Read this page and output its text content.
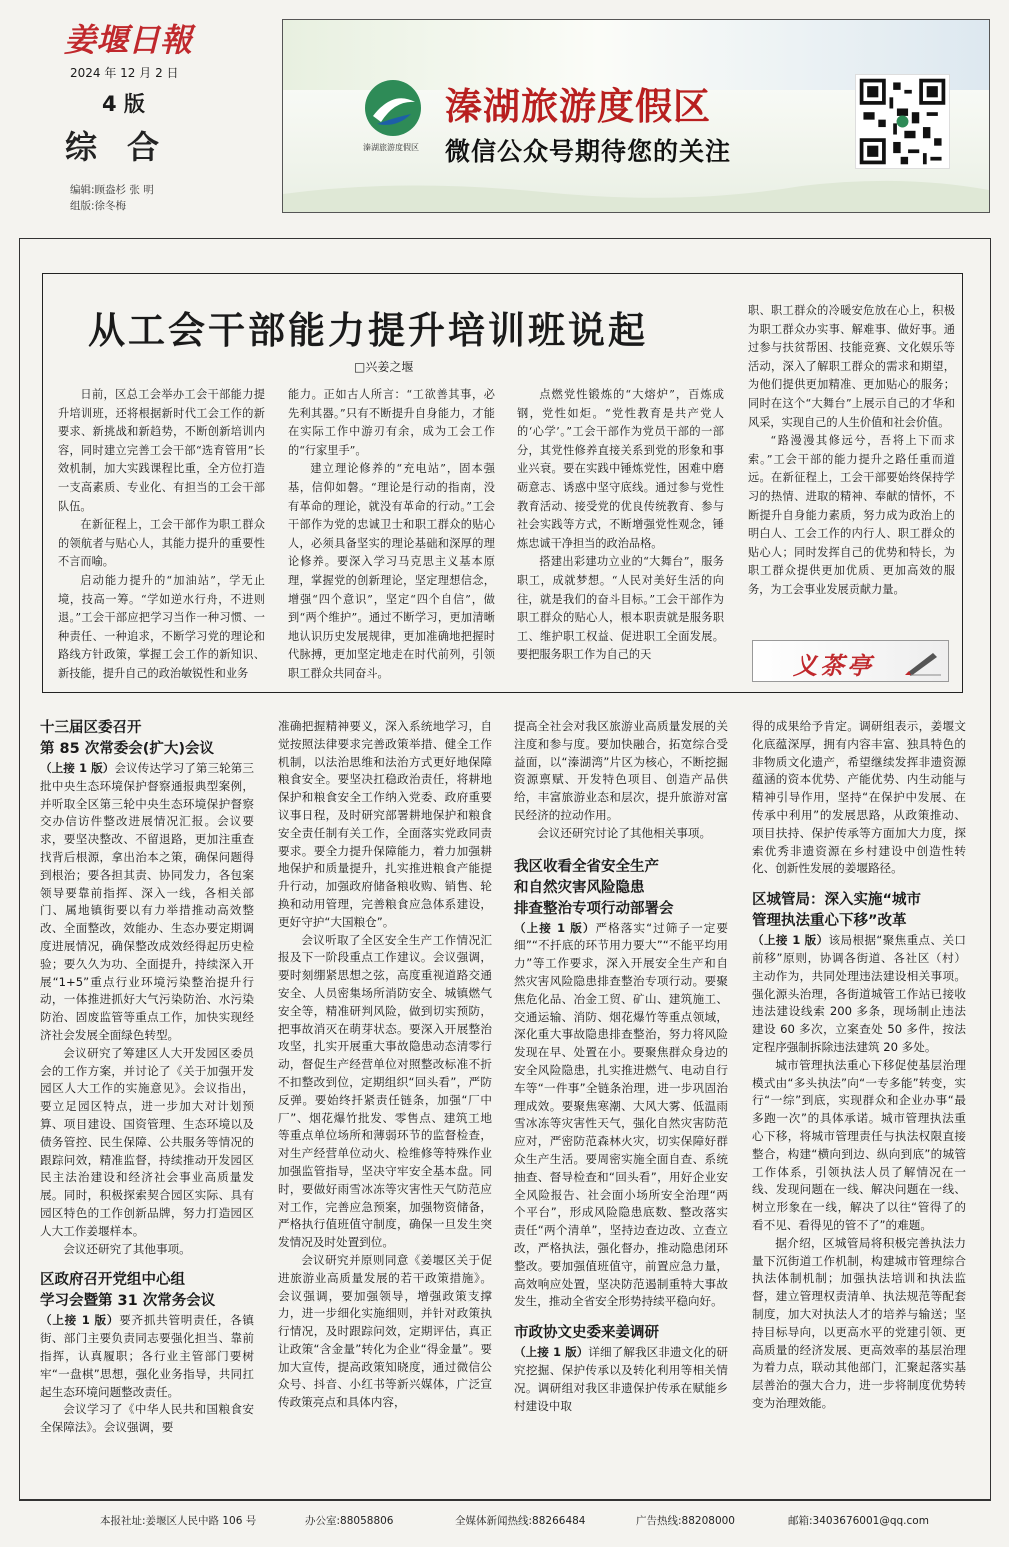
姜堰日報
2024 年 12 月 2 日
4 版
综合
编辑:顾盎杉 张 明
组版:徐冬梅
溱湖旅游度假区
溱湖旅游度假区
微信公众号期待您的关注
从工会干部能力提升培训班说起
□兴姜之堰

日前，区总工会举办工会干部能力提升培训班，还将根据新时代工会工作的新要求、新挑战和新趋势，不断创新培训内容，同时建立完善工会干部“选育管用”长效机制，加大实践课程比重，全方位打造一支高素质、专业化、有担当的工会干部队伍。

在新征程上，工会干部作为职工群众的领航者与贴心人，其能力提升的重要性不言而喻。

启动能力提升的“加油站”，学无止境，技高一筹。“学如逆水行舟，不进则退。”工会干部应把学习当作一种习惯、一种责任、一种追求，不断学习党的理论和路线方针政策，掌握工会工作的新知识、新技能，提升自己的政治敏锐性和业务

能力。正如古人所言：“工欲善其事，必先利其器。”只有不断提升自身能力，才能在实际工作中游刃有余，成为工会工作的“行家里手”。

建立理论修养的“充电站”，固本强基，信仰如磐。“理论是行动的指南，没有革命的理论，就没有革命的行动。”工会干部作为党的忠诚卫士和职工群众的贴心人，必须具备坚实的理论基础和深厚的理论修养。要深入学习马克思主义基本原理，掌握党的创新理论，坚定理想信念，增强“四个意识”，坚定“四个自信”，做到“两个维护”。通过不断学习，更加清晰地认识历史发展规律，更加准确地把握时代脉搏，更加坚定地走在时代前列，引领职工群众共同奋斗。

点燃党性锻炼的“大熔炉”，百炼成钢，党性如炬。“党性教育是共产党人的‘心学’。”工会干部作为党员干部的一部分，其党性修养直接关系到党的形象和事业兴衰。要在实践中锤炼党性，困难中磨砺意志、诱惑中坚守底线。通过参与党性教育活动、接受党的优良传统教育、参与社会实践等方式，不断增强党性观念，锤炼忠诚干净担当的政治品格。

搭建出彩建功立业的“大舞台”，服务职工，成就梦想。“人民对美好生活的向往，就是我们的奋斗目标。”工会干部作为职工群众的贴心人，根本职责就是服务职工、维护职工权益、促进职工全面发展。要把服务职工作为自己的天

职、职工群众的冷暖安危放在心上，积极为职工群众办实事、解难事、做好事。通过参与扶贫帮困、技能竞赛、文化娱乐等活动，深入了解职工群众的需求和期望，为他们提供更加精准、更加贴心的服务；同时在这个“大舞台”上展示自己的才华和风采，实现自己的人生价值和社会价值。

“路漫漫其修远兮，吾将上下而求索。”工会干部的能力提升之路任重而道远。在新征程上，工会干部要始终保持学习的热情、进取的精神、奉献的情怀，不断提升自身能力素质，努力成为政治上的明白人、工会工作的内行人、职工群众的贴心人；同时发挥自己的优势和特长，为职工群众提供更加优质、更加高效的服务，为工会事业发展贡献力量。

义茶亭
十三届区委召开
第 85 次常委会(扩大)会议

（上接 1 版）会议传达学习了第三轮第三批中央生态环境保护督察通报典型案例，并听取全区第三轮中央生态环境保护督察交办信访件整改进展情况汇报。会议要求，要坚决整改、不留退路，更加注重查找背后根源，拿出治本之策，确保问题得到根治；要各担其责、协同发力，各包案领导要靠前指挥、深入一线，各相关部门、属地镇街要以有力举措推动高效整改、全面整改，效能办、生态办要定期调度进展情况，确保整改成效经得起历史检验；要久久为功、全面提升，持续深入开展“1+5”重点行业环境污染整治提升行动，一体推进抓好大气污染防治、水污染防治、固废监管等重点工作，加快实现经济社会发展全面绿色转型。

会议研究了筹建区人大开发园区委员会的工作方案，并讨论了《关于加强开发园区人大工作的实施意见》。会议指出，要立足园区特点，进一步加大对计划预算、项目建设、国资管理、生态环境以及债务管控、民生保障、公共服务等情况的跟踪问效，精准监督，持续推动开发园区民主法治建设和经济社会事业高质量发展。同时，积极探索契合园区实际、具有园区特色的工作创新品牌，努力打造园区人大工作姜堰样本。

会议还研究了其他事项。

区政府召开党组中心组
学习会暨第 31 次常务会议

（上接 1 版）要齐抓共管明责任，各镇街、部门主要负责同志要强化担当、靠前指挥，认真履职；各行业主管部门要树牢“一盘棋”思想，强化业务指导，共同扛起生态环境问题整改责任。

会议学习了《中华人民共和国粮食安全保障法》。会议强调，要

准确把握精神要义，深入系统地学习，自觉按照法律要求完善政策举措、健全工作机制，以法治思维和法治方式更好地保障粮食安全。要坚决扛稳政治责任，将耕地保护和粮食安全工作纳入党委、政府重要议事日程，及时研究部署耕地保护和粮食安全责任制有关工作，全面落实党政同责要求。要全力提升保障能力，着力加强耕地保护和质量提升，扎实推进粮食产能提升行动，加强政府储备粮收购、销售、轮换和动用管理，完善粮食应急体系建设，更好守护“大国粮仓”。

会议听取了全区安全生产工作情况汇报及下一阶段重点工作建议。会议强调，要时刻绷紧思想之弦，高度重视道路交通安全、人员密集场所消防安全、城镇燃气安全等，精准研判风险，做到切实预防，把事故消灭在萌芽状态。要深入开展整治攻坚，扎实开展重大事故隐患动态清零行动，督促生产经营单位对照整改标准不折不扣整改到位，定期组织“回头看”，严防反弹。要始终扦紧责任链条，加强“厂中厂”、烟花爆竹批发、零售点、建筑工地等重点单位场所和薄弱环节的监督检查，对生产经营单位动火、检维修等特殊作业加强监管指导，坚决守牢安全基本盘。同时，要做好雨雪冰冻等灾害性天气防范应对工作，完善应急预案，加强物资储备，严格执行值班值守制度，确保一旦发生突发情况及时处置到位。

会议研究并原则同意《姜堰区关于促进旅游业高质量发展的若干政策措施》。会议强调，要加强领导，增强政策支撑力，进一步细化实施细则，并针对政策执行情况，及时跟踪问效，定期评估，真正让政策“含金量”转化为企业“得金量”。要加大宣传，提高政策知晓度，通过微信公众号、抖音、小红书等新兴媒体，广泛宣传政策亮点和具体内容，

提高全社会对我区旅游业高质量发展的关注度和参与度。要加快融合，拓宽综合受益面，以“溱湖湾”片区为核心，不断挖掘资源禀赋、开发特色项目、创造产品供给，丰富旅游业态和层次，提升旅游对富民经济的拉动作用。

会议还研究讨论了其他相关事项。

我区收看全省安全生产
和自然灾害风险隐患
排查整治专项行动部署会

（上接 1 版）严格落实“过筛子一定要细”“不扦底的环节用力要大”“不能平均用力”等工作要求，深入开展安全生产和自然灾害风险隐患排查整治专项行动。要聚焦危化品、冶金工贸、矿山、建筑施工、交通运输、消防、烟花爆竹等重点领域，深化重大事故隐患排查整治，努力将风险发现在早、处置在小。要聚焦群众身边的安全风险隐患，扎实推进燃气、电动自行车等“一件事”全链条治理，进一步巩固治理成效。要聚焦寒潮、大风大雾、低温雨雪冰冻等灾害性天气，强化自然灾害防范应对，严密防范森林火灾，切实保障好群众生产生活。要周密实施全面自查、系统抽查、督导检查和“回头看”，用好企业安全风险报告、社会面小场所安全治理“两个平台”，形成风险隐患底数、整改落实责任“两个清单”，坚持边查边改、立查立改，严格执法，强化督办，推动隐患闭环整改。要加强值班值守，前置应急力量，高效响应处置，坚决防范遏制重特大事故发生，推动全省安全形势持续平稳向好。

市政协文史委来姜调研

（上接 1 版）详细了解我区非遗文化的研究挖掘、保护传承以及转化利用等相关情况。调研组对我区非遗保护传承在赋能乡村建设中取

得的成果给予肯定。调研组表示，姜堰文化底蕴深厚，拥有内容丰富、独具特色的非物质文化遗产，希望继续发挥非遗资源蕴涵的资本优势、产能优势、内生动能与精神引导作用，坚持“在保护中发展、在传承中利用”的发展思路，从政策推动、项目扶持、保护传承等方面加大力度，探索优秀非遗资源在乡村建设中创造性转化、创新性发展的姜堰路径。

区城管局：深入实施“城市
管理执法重心下移”改革

（上接 1 版）该局根据“聚焦重点、关口前移”原则，协调各街道、各社区（村）主动作为，共同处理违法建设相关事项。强化源头治理，各街道城管工作站已接收违法建设线索 200 多条，现场制止违法建设 60 多次，立案查处 50 多件，按法定程序强制拆除违法建筑 20 多处。

城市管理执法重心下移促使基层治理模式由“多头执法”向“一专多能”转变，实行“一综”到底，实现群众和企业办事“最多跑一次”的具体承诺。城市管理执法重心下移，将城市管理责任与执法权限直接整合，构建“横向到边、纵向到底”的城管工作体系，引领执法人员了解情况在一线、发现问题在一线、解决问题在一线、树立形象在一线，解决了以往“管得了的看不见、看得见的管不了”的难题。

据介绍，区城管局将积极完善执法力量下沉街道工作机制，构建城市管理综合执法体制机制；加强执法培训和执法监督，建立管理权责清单、执法规范等配套制度，加大对执法人才的培养与输送；坚持目标导向，以更高水平的党建引领、更高质量的经济发展、更高效率的基层治理为着力点，联动其他部门，汇聚起落实基层善治的强大合力，进一步将制度优势转变为治理效能。

本报社址:姜堰区人民中路 106 号	办公室:88058806	全媒体新闻热线:88266484	广告热线:88208000	邮箱:3403676001@qq.com
